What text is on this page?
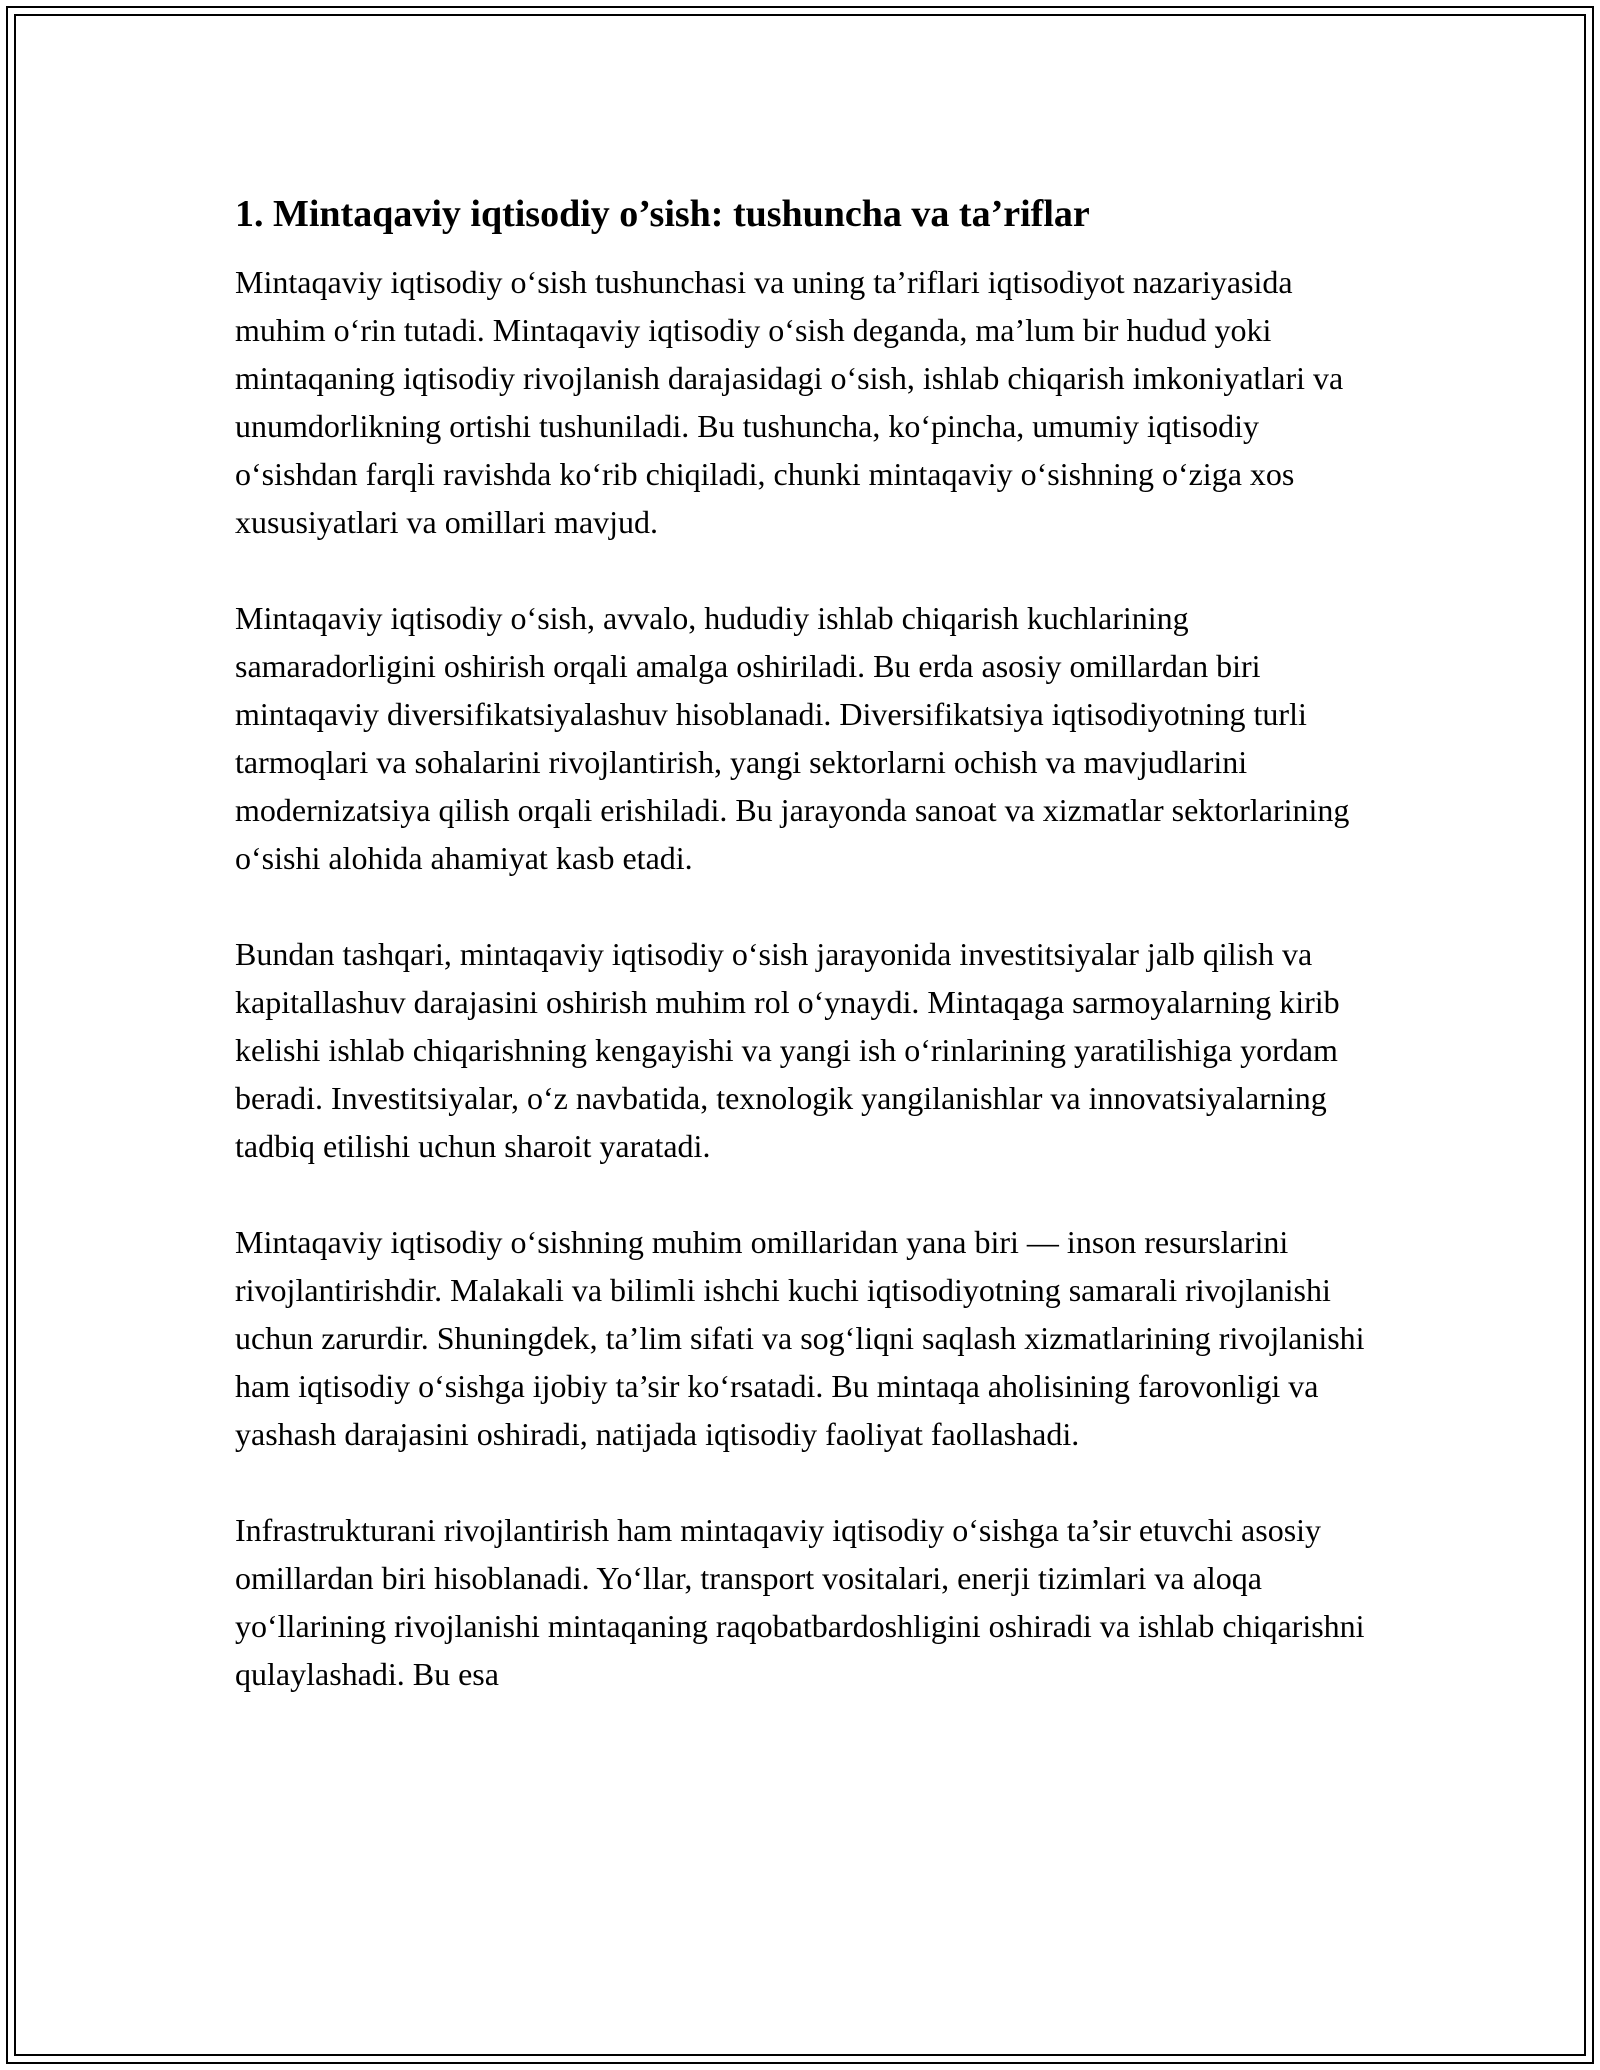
1. Mintaqaviy iqtisodiy o’sish: tushuncha va ta’riflar

Mintaqaviy iqtisodiy o‘sish tushunchasi va uning ta’riflari iqtisodiyot nazariyasida muhim o‘rin tutadi. Mintaqaviy iqtisodiy o‘sish deganda, ma’lum bir hudud yoki mintaqaning iqtisodiy rivojlanish darajasidagi o‘sish, ishlab chiqarish imkoniyatlari va unumdorlikning ortishi tushuniladi. Bu tushuncha, ko‘pincha, umumiy iqtisodiy o‘sishdan farqli ravishda ko‘rib chiqiladi, chunki mintaqaviy o‘sishning o‘ziga xos xususiyatlari va omillari mavjud.

Mintaqaviy iqtisodiy o‘sish, avvalo, hududiy ishlab chiqarish kuchlarining samaradorligini oshirish orqali amalga oshiriladi. Bu erda asosiy omillardan biri mintaqaviy diversifikatsiyalashuv hisoblanadi. Diversifikatsiya iqtisodiyotning turli tarmoqlari va sohalarini rivojlantirish, yangi sektorlarni ochish va mavjudlarini modernizatsiya qilish orqali erishiladi. Bu jarayonda sanoat va xizmatlar sektorlarining o‘sishi alohida ahamiyat kasb etadi.

Bundan tashqari, mintaqaviy iqtisodiy o‘sish jarayonida investitsiyalar jalb qilish va kapitallashuv darajasini oshirish muhim rol o‘ynaydi. Mintaqaga sarmoyalarning kirib kelishi ishlab chiqarishning kengayishi va yangi ish o‘rinlarining yaratilishiga yordam beradi. Investitsiyalar, o‘z navbatida, texnologik yangilanishlar va innovatsiyalarning tadbiq etilishi uchun sharoit yaratadi.

Mintaqaviy iqtisodiy o‘sishning muhim omillaridan yana biri — inson resurslarini rivojlantirishdir. Malakali va bilimli ishchi kuchi iqtisodiyotning samarali rivojlanishi uchun zarurdir. Shuningdek, ta’lim sifati va sog‘liqni saqlash xizmatlarining rivojlanishi ham iqtisodiy o‘sishga ijobiy ta’sir ko‘rsatadi. Bu mintaqa aholisining farovonligi va yashash darajasini oshiradi, natijada iqtisodiy faoliyat faollashadi.

Infrastrukturani rivojlantirish ham mintaqaviy iqtisodiy o‘sishga ta’sir etuvchi asosiy omillardan biri hisoblanadi. Yo‘llar, transport vositalari, enerji tizimlari va aloqa yo‘llarining rivojlanishi mintaqaning raqobatbardoshligini oshiradi va ishlab chiqarishni qulaylashadi. Bu esa
